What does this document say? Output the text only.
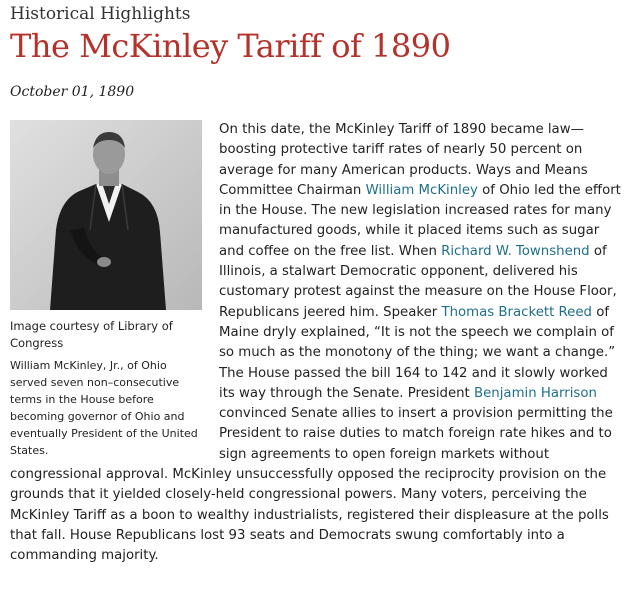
Historical Highlights
The McKinley Tariff of 1890
October 01, 1890
Image courtesy of Library of Congress
William McKinley, Jr., of Ohio served seven non–consecutive terms in the House before becoming governor of Ohio and eventually President of the United States.

On this date, the McKinley Tariff of 1890 became law—boosting protective tariff rates of nearly 50 percent on average for many American products. Ways and Means Committee Chairman William McKinley of Ohio led the effort in the House. The new legislation increased rates for many manufactured goods, while it placed items such as sugar and coffee on the free list. When Richard W. Townshend of Illinois, a stalwart Democratic opponent, delivered his customary protest against the measure on the House Floor, Republicans jeered him. Speaker Thomas Brackett Reed of Maine dryly explained, “It is not the speech we complain of so much as the monotony of the thing; we want a change.” The House passed the bill 164 to 142 and it slowly worked its way through the Senate. President Benjamin Harrison convinced Senate allies to insert a provision permitting the President to raise duties to match foreign rate hikes and to sign agreements to open foreign markets without congressional approval. McKinley unsuccessfully opposed the reciprocity provision on the grounds that it yielded closely-held congressional powers. Many voters, perceiving the McKinley Tariff as a boon to wealthy industrialists, registered their displeasure at the polls that fall. House Republicans lost 93 seats and Democrats swung comfortably into a commanding majority.
